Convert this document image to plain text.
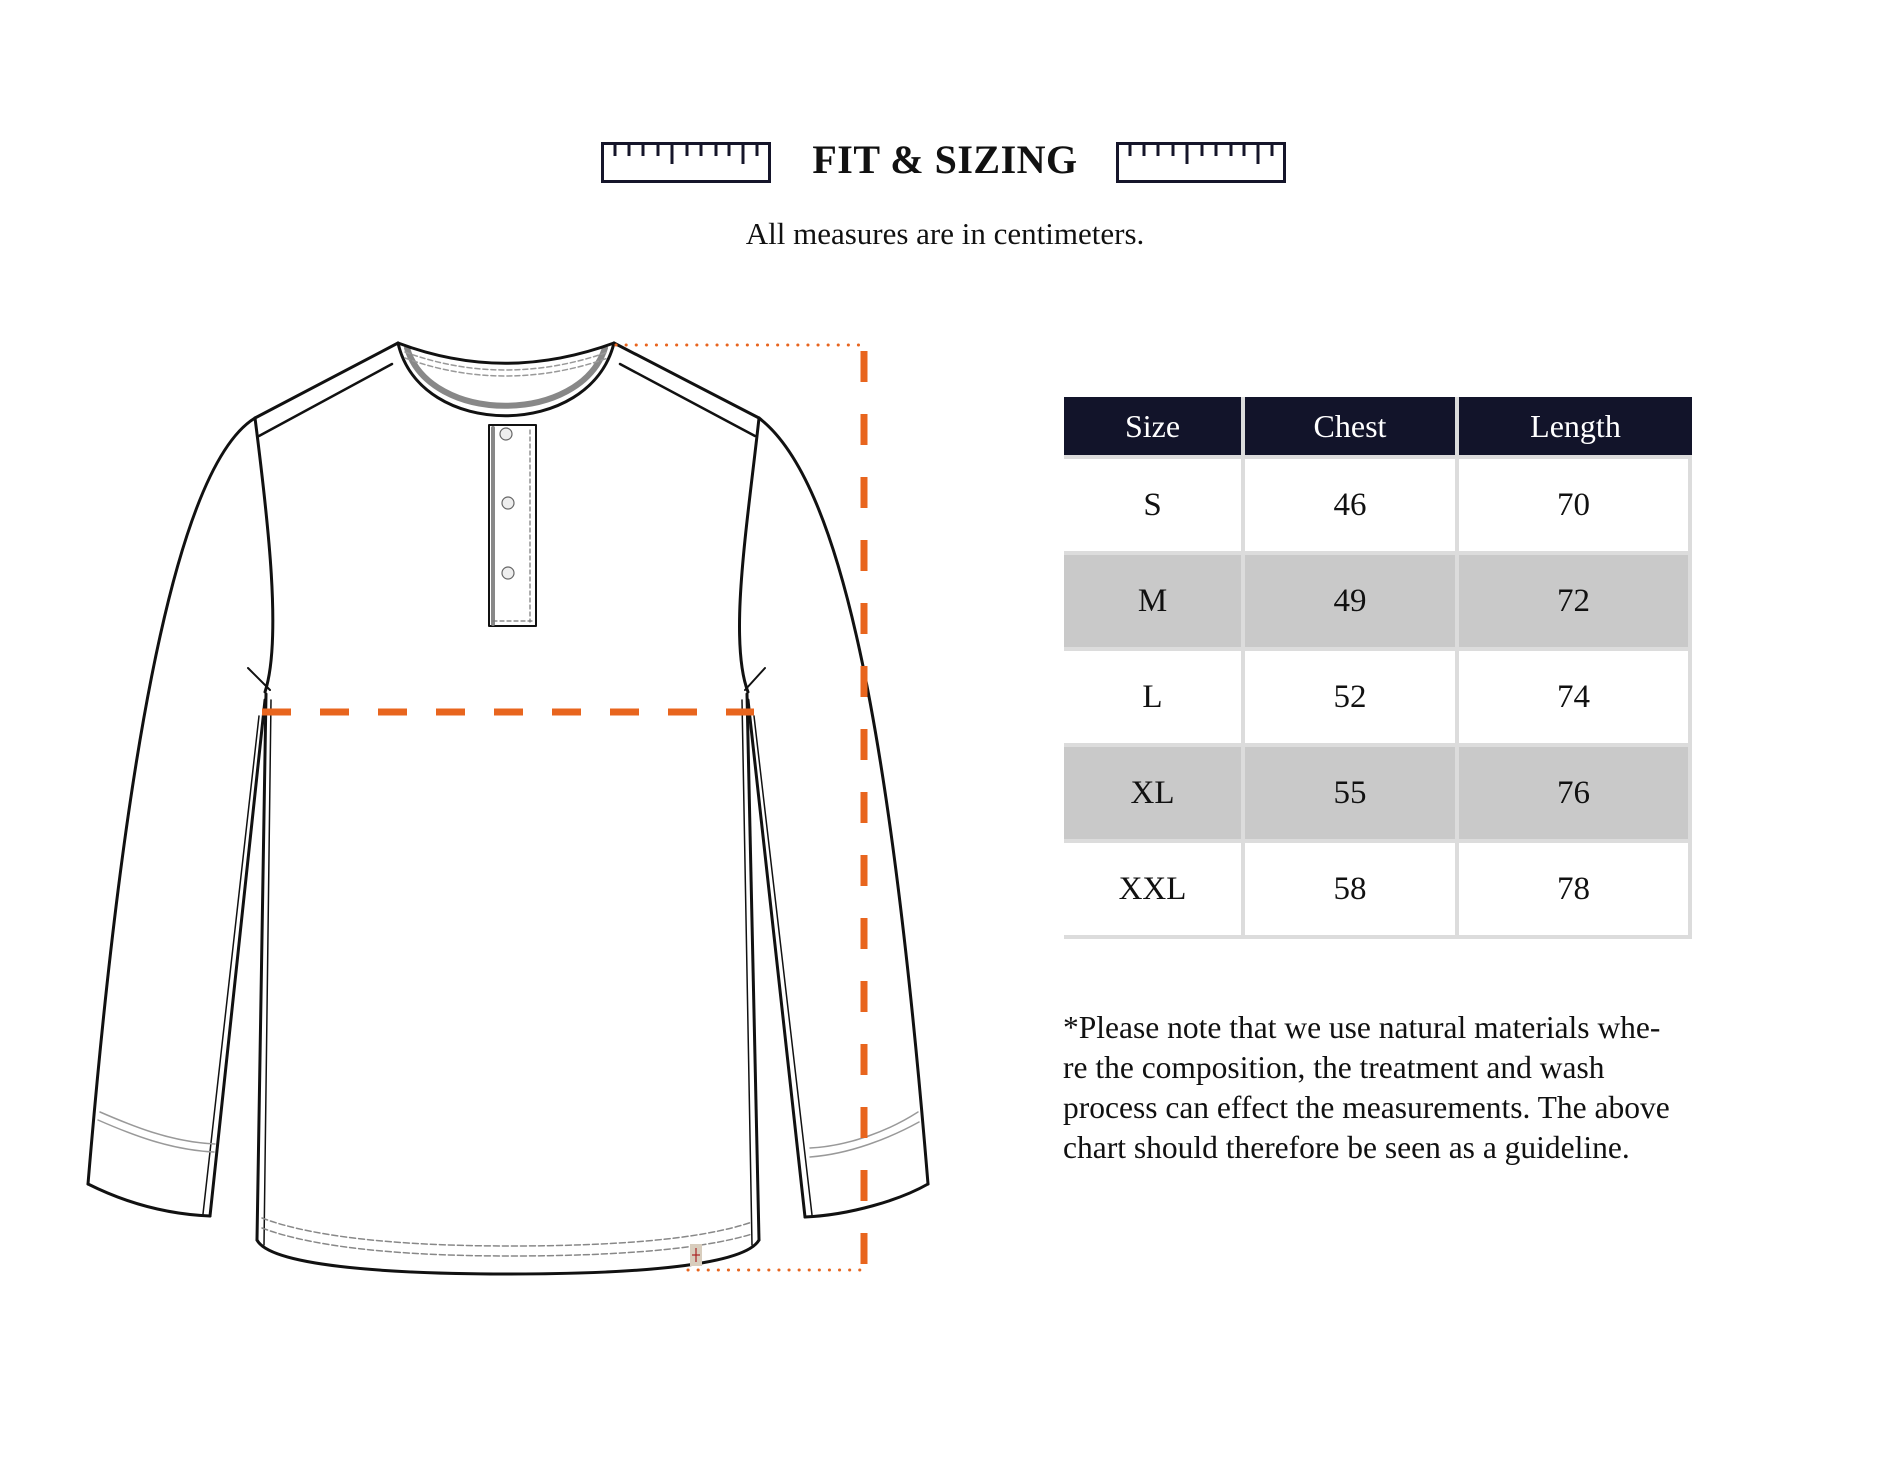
FIT & SIZING
All measures are in centimeters.
Size	Chest	Length
S	46	70
M	49	72
L	52	74
XL	55	76
XXL	58	78
*Please note that we use natural materials whe-
re the composition, the treatment and wash
process can effect the measurements. The above
chart should therefore be seen as a guideline.
